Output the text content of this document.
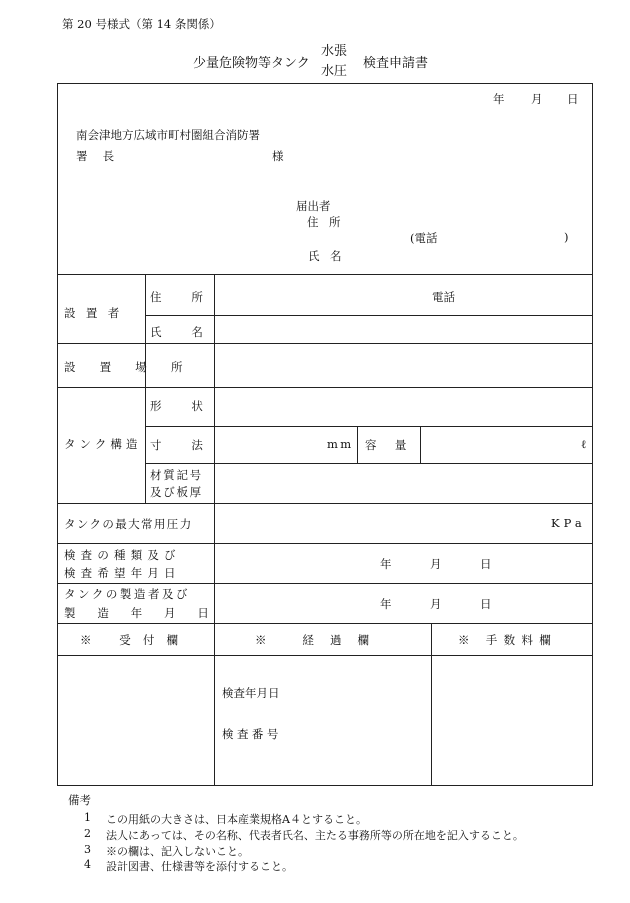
第 20 号様式（第 14 条関係）
少量危険物等タンク
水張
水圧
検査申請書
年 月 日
南会津地方広域市町村圏組合消防署
署 長	様
届出者
住 所
(電話	)
氏 名
設置者
住所	電話
氏名
設置場所
タンク構造
形状
寸法	mm 容量	ℓ
材質記号
及び板厚
タンクの最大常用圧力	KPa
検査の種類及び
検査希望年月日
年	月	日
タンクの製造者及び
製造年月日
年	月	日
※ 受付欄	※ 経過欄	※ 手数料欄
検査年月日
検査番号
備考
1 この用紙の大きさは、日本産業規格A４とすること。
2 法人にあっては、その名称、代表者氏名、主たる事務所等の所在地を記入すること。
3 ※の欄は、記入しないこと。
4 設計図書、仕様書等を添付すること。
